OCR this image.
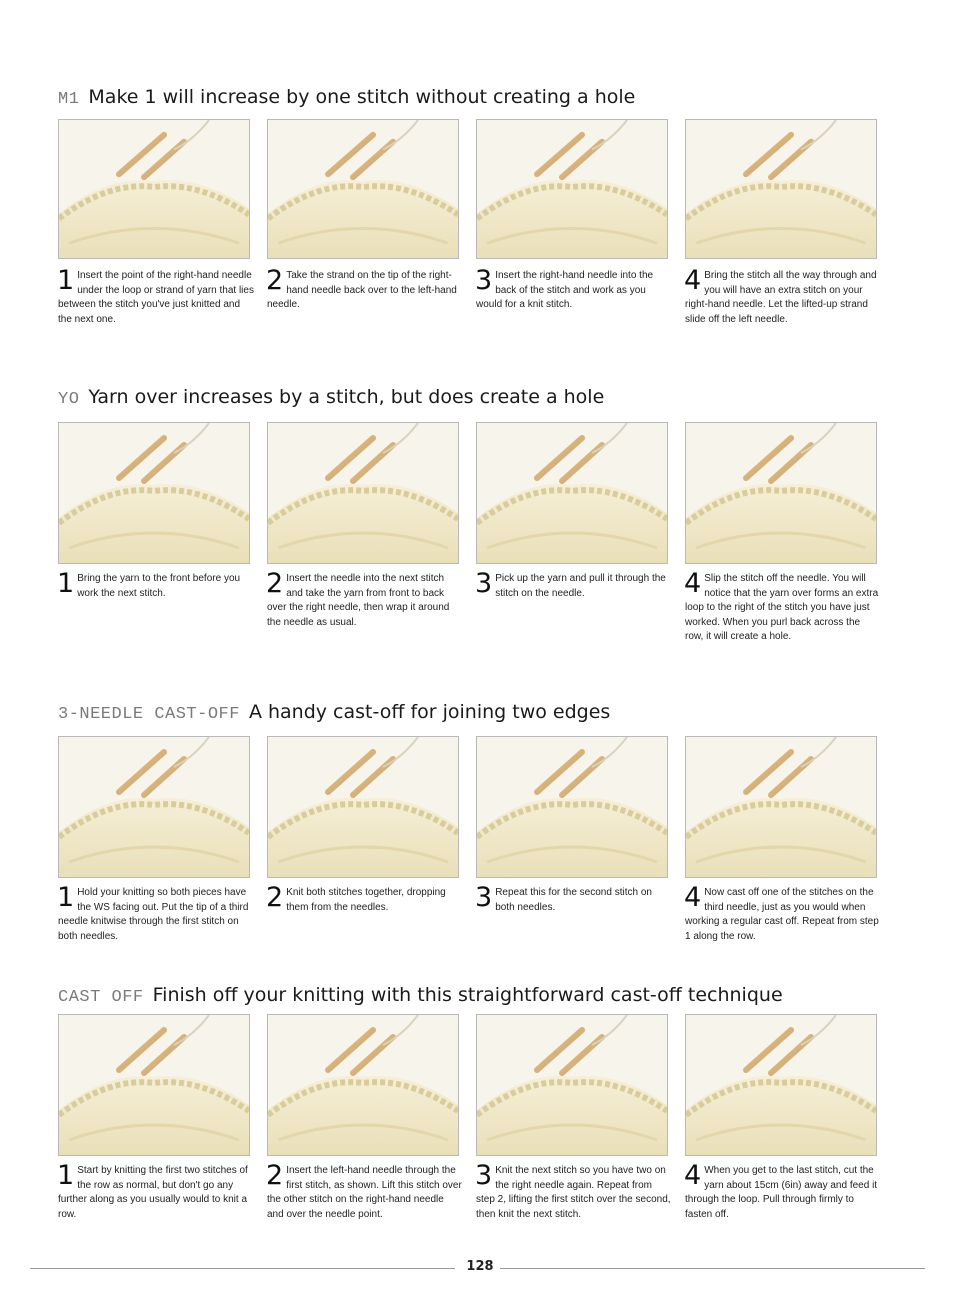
M1 Make 1 will increase by one stitch without creating a hole
1 Insert the point of the right-hand needle under the loop or strand of yarn that lies between the stitch you've just knitted and the next one.
2 Take the strand on the tip of the right-hand needle back over to the left-hand needle.
3 Insert the right-hand needle into the back of the stitch and work as you would for a knit stitch.
4 Bring the stitch all the way through and you will have an extra stitch on your right-hand needle. Let the lifted-up strand slide off the left needle.
YO Yarn over increases by a stitch, but does create a hole
1 Bring the yarn to the front before you work the next stitch.	2 Insert the needle into the next stitch and take the yarn from front to back over the right needle, then wrap it around the needle as usual.
3 Pick up the yarn and pull it through the stitch on the needle.	4 Slip the stitch off the needle. You will notice that the yarn over forms an extra loop to the right of the stitch you have just worked. When you purl back across the row, it will create a hole.
3-NEEDLE CAST-OFF A handy cast-off for joining two edges
1 Hold your knitting so both pieces have the WS facing out. Put the tip of a third needle knitwise through the first stitch on both needles.
2 Knit both stitches together, dropping them from the needles.	3 Repeat this for the second stitch on both needles.	4 Now cast off one of the stitches on the third needle, just as you would when working a regular cast off. Repeat from step 1 along the row.
CAST OFF Finish off your knitting with this straightforward cast-off technique
1 Start by knitting the first two stitches of the row as normal, but don't go any further along as you usually would to knit a row.
2 Insert the left-hand needle through the first stitch, as shown. Lift this stitch over the other stitch on the right-hand needle and over the needle point.
3 Knit the next stitch so you have two on the right needle again. Repeat from step 2, lifting the first stitch over the second, then knit the next stitch.
4 When you get to the last stitch, cut the yarn about 15cm (6in) away and feed it through the loop. Pull through firmly to fasten off.
128
